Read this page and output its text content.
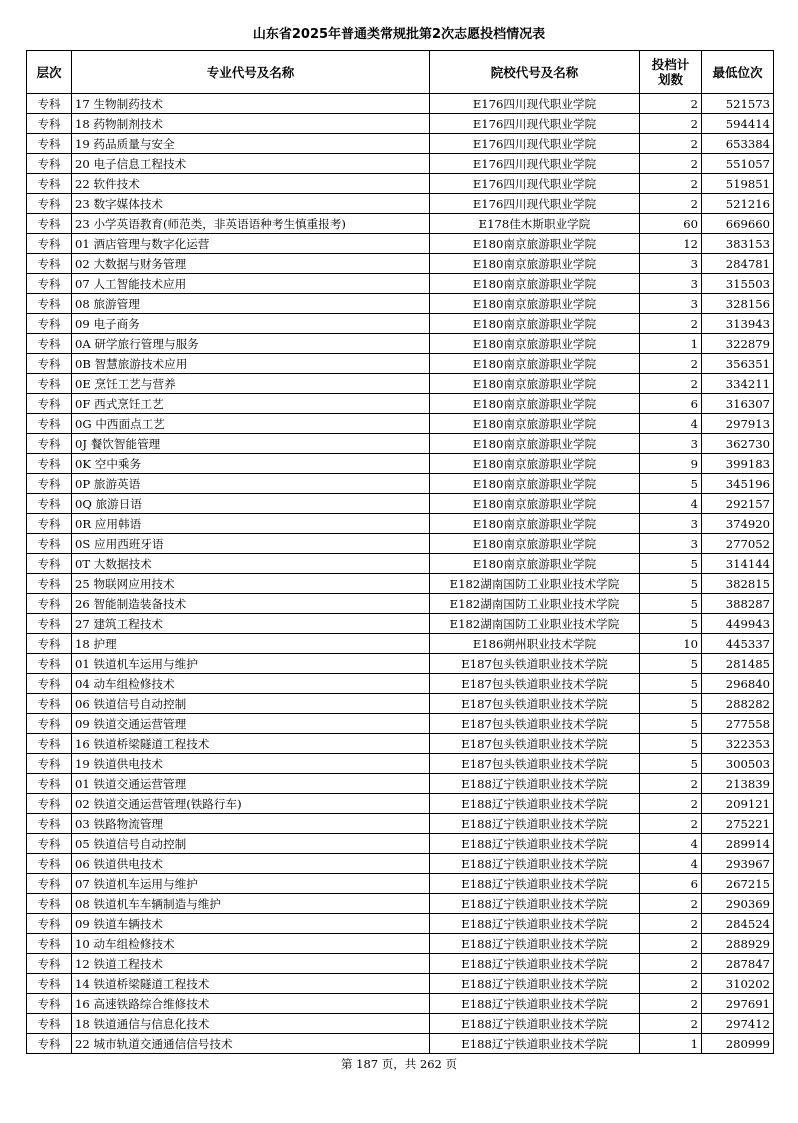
山东省2025年普通类常规批第2次志愿投档情况表
层次	专业代号及名称	院校代号及名称	投档计划数	最低位次
专科	17 生物制药技术	E176四川现代职业学院	2	521573
专科	18 药物制剂技术	E176四川现代职业学院	2	594414
专科	19 药品质量与安全	E176四川现代职业学院	2	653384
专科	20 电子信息工程技术	E176四川现代职业学院	2	551057
专科	22 软件技术	E176四川现代职业学院	2	519851
专科	23 数字媒体技术	E176四川现代职业学院	2	521216
专科	23 小学英语教育(师范类，非英语语种考生慎重报考)	E178佳木斯职业学院	60	669660
专科	01 酒店管理与数字化运营	E180南京旅游职业学院	12	383153
专科	02 大数据与财务管理	E180南京旅游职业学院	3	284781
专科	07 人工智能技术应用	E180南京旅游职业学院	3	315503
专科	08 旅游管理	E180南京旅游职业学院	3	328156
专科	09 电子商务	E180南京旅游职业学院	2	313943
专科	0A 研学旅行管理与服务	E180南京旅游职业学院	1	322879
专科	0B 智慧旅游技术应用	E180南京旅游职业学院	2	356351
专科	0E 烹饪工艺与营养	E180南京旅游职业学院	2	334211
专科	0F 西式烹饪工艺	E180南京旅游职业学院	6	316307
专科	0G 中西面点工艺	E180南京旅游职业学院	4	297913
专科	0J 餐饮智能管理	E180南京旅游职业学院	3	362730
专科	0K 空中乘务	E180南京旅游职业学院	9	399183
专科	0P 旅游英语	E180南京旅游职业学院	5	345196
专科	0Q 旅游日语	E180南京旅游职业学院	4	292157
专科	0R 应用韩语	E180南京旅游职业学院	3	374920
专科	0S 应用西班牙语	E180南京旅游职业学院	3	277052
专科	0T 大数据技术	E180南京旅游职业学院	5	314144
专科	25 物联网应用技术	E182湖南国防工业职业技术学院	5	382815
专科	26 智能制造装备技术	E182湖南国防工业职业技术学院	5	388287
专科	27 建筑工程技术	E182湖南国防工业职业技术学院	5	449943
专科	18 护理	E186朔州职业技术学院	10	445337
专科	01 铁道机车运用与维护	E187包头铁道职业技术学院	5	281485
专科	04 动车组检修技术	E187包头铁道职业技术学院	5	296840
专科	06 铁道信号自动控制	E187包头铁道职业技术学院	5	288282
专科	09 铁道交通运营管理	E187包头铁道职业技术学院	5	277558
专科	16 铁道桥梁隧道工程技术	E187包头铁道职业技术学院	5	322353
专科	19 铁道供电技术	E187包头铁道职业技术学院	5	300503
专科	01 铁道交通运营管理	E188辽宁铁道职业技术学院	2	213839
专科	02 铁道交通运营管理(铁路行车)	E188辽宁铁道职业技术学院	2	209121
专科	03 铁路物流管理	E188辽宁铁道职业技术学院	2	275221
专科	05 铁道信号自动控制	E188辽宁铁道职业技术学院	4	289914
专科	06 铁道供电技术	E188辽宁铁道职业技术学院	4	293967
专科	07 铁道机车运用与维护	E188辽宁铁道职业技术学院	6	267215
专科	08 铁道机车车辆制造与维护	E188辽宁铁道职业技术学院	2	290369
专科	09 铁道车辆技术	E188辽宁铁道职业技术学院	2	284524
专科	10 动车组检修技术	E188辽宁铁道职业技术学院	2	288929
专科	12 铁道工程技术	E188辽宁铁道职业技术学院	2	287847
专科	14 铁道桥梁隧道工程技术	E188辽宁铁道职业技术学院	2	310202
专科	16 高速铁路综合维修技术	E188辽宁铁道职业技术学院	2	297691
专科	18 铁道通信与信息化技术	E188辽宁铁道职业技术学院	2	297412
专科	22 城市轨道交通通信信号技术	E188辽宁铁道职业技术学院	1	280999
第 187 页，共 262 页
